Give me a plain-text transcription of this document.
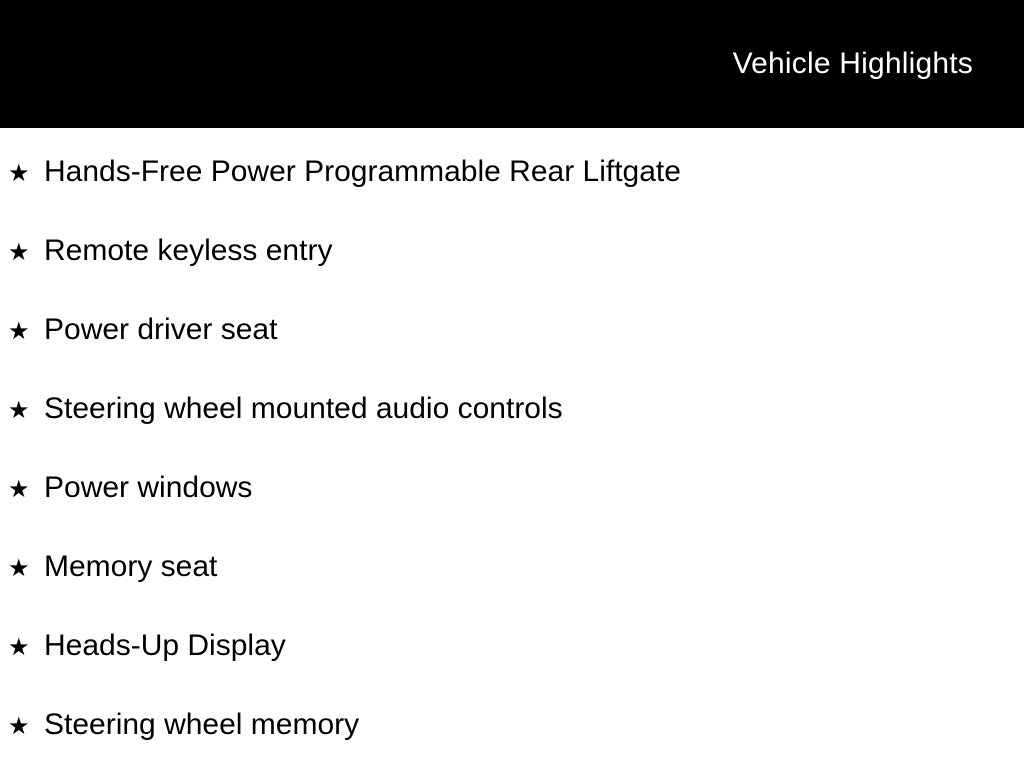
Vehicle Highlights
★ Hands-Free Power Programmable Rear Liftgate
★ Remote keyless entry
★ Power driver seat
★ Steering wheel mounted audio controls
★ Power windows
★ Memory seat
★ Heads-Up Display
★ Steering wheel memory
